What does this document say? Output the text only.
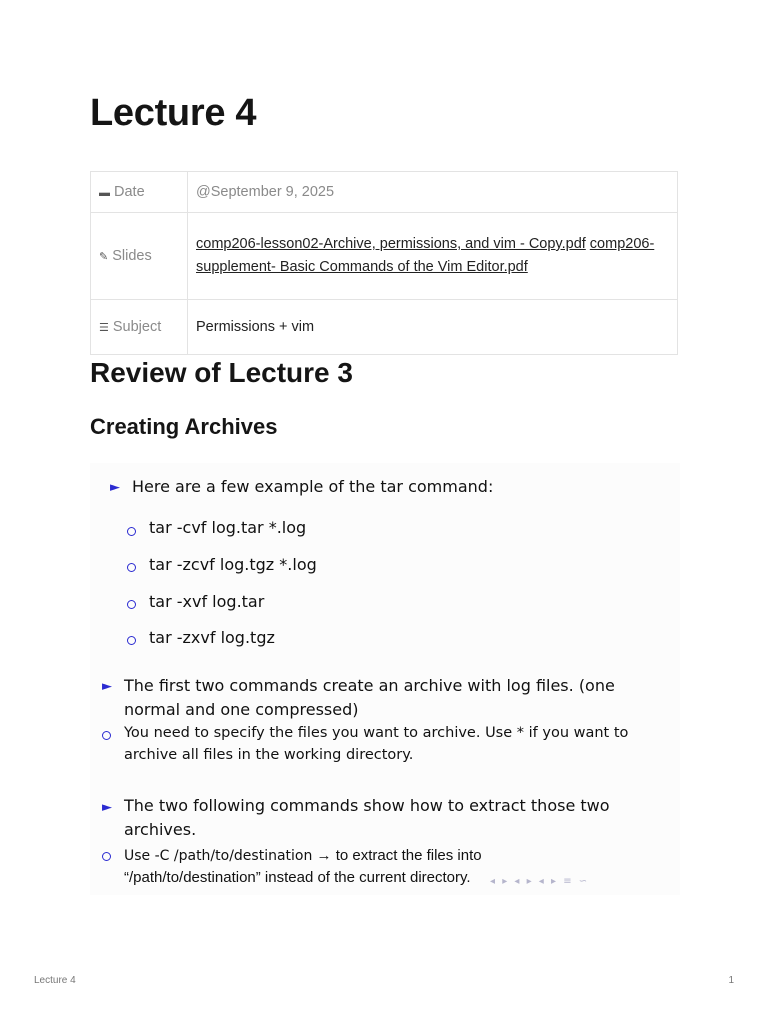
Lecture 4
▬ Date	@September 9, 2025
✎ Slides	comp206-lesson02-Archive, permissions, and vim - Copy.pdf comp206-supplement- Basic Commands of the Vim Editor.pdf
☰ Subject	Permissions + vim
Review of Lecture 3
Creating Archives
► Here are a few example of the tar command:
tar -cvf log.tar *.log
tar -zcvf log.tgz *.log
tar -xvf log.tar
tar -zxvf log.tgz
► The first two commands create an archive with log files. (one normal and one compressed)
You need to specify the files you want to archive. Use * if you want to archive all files in the working directory.
► The two following commands show how to extract those two archives.
Use -C /path/to/destination → to extract the files into “/path/to/destination” instead of the current directory.	◂ ▸ ◂ ▸ ◂ ▸ ≡ ∽
Lecture 4	1
